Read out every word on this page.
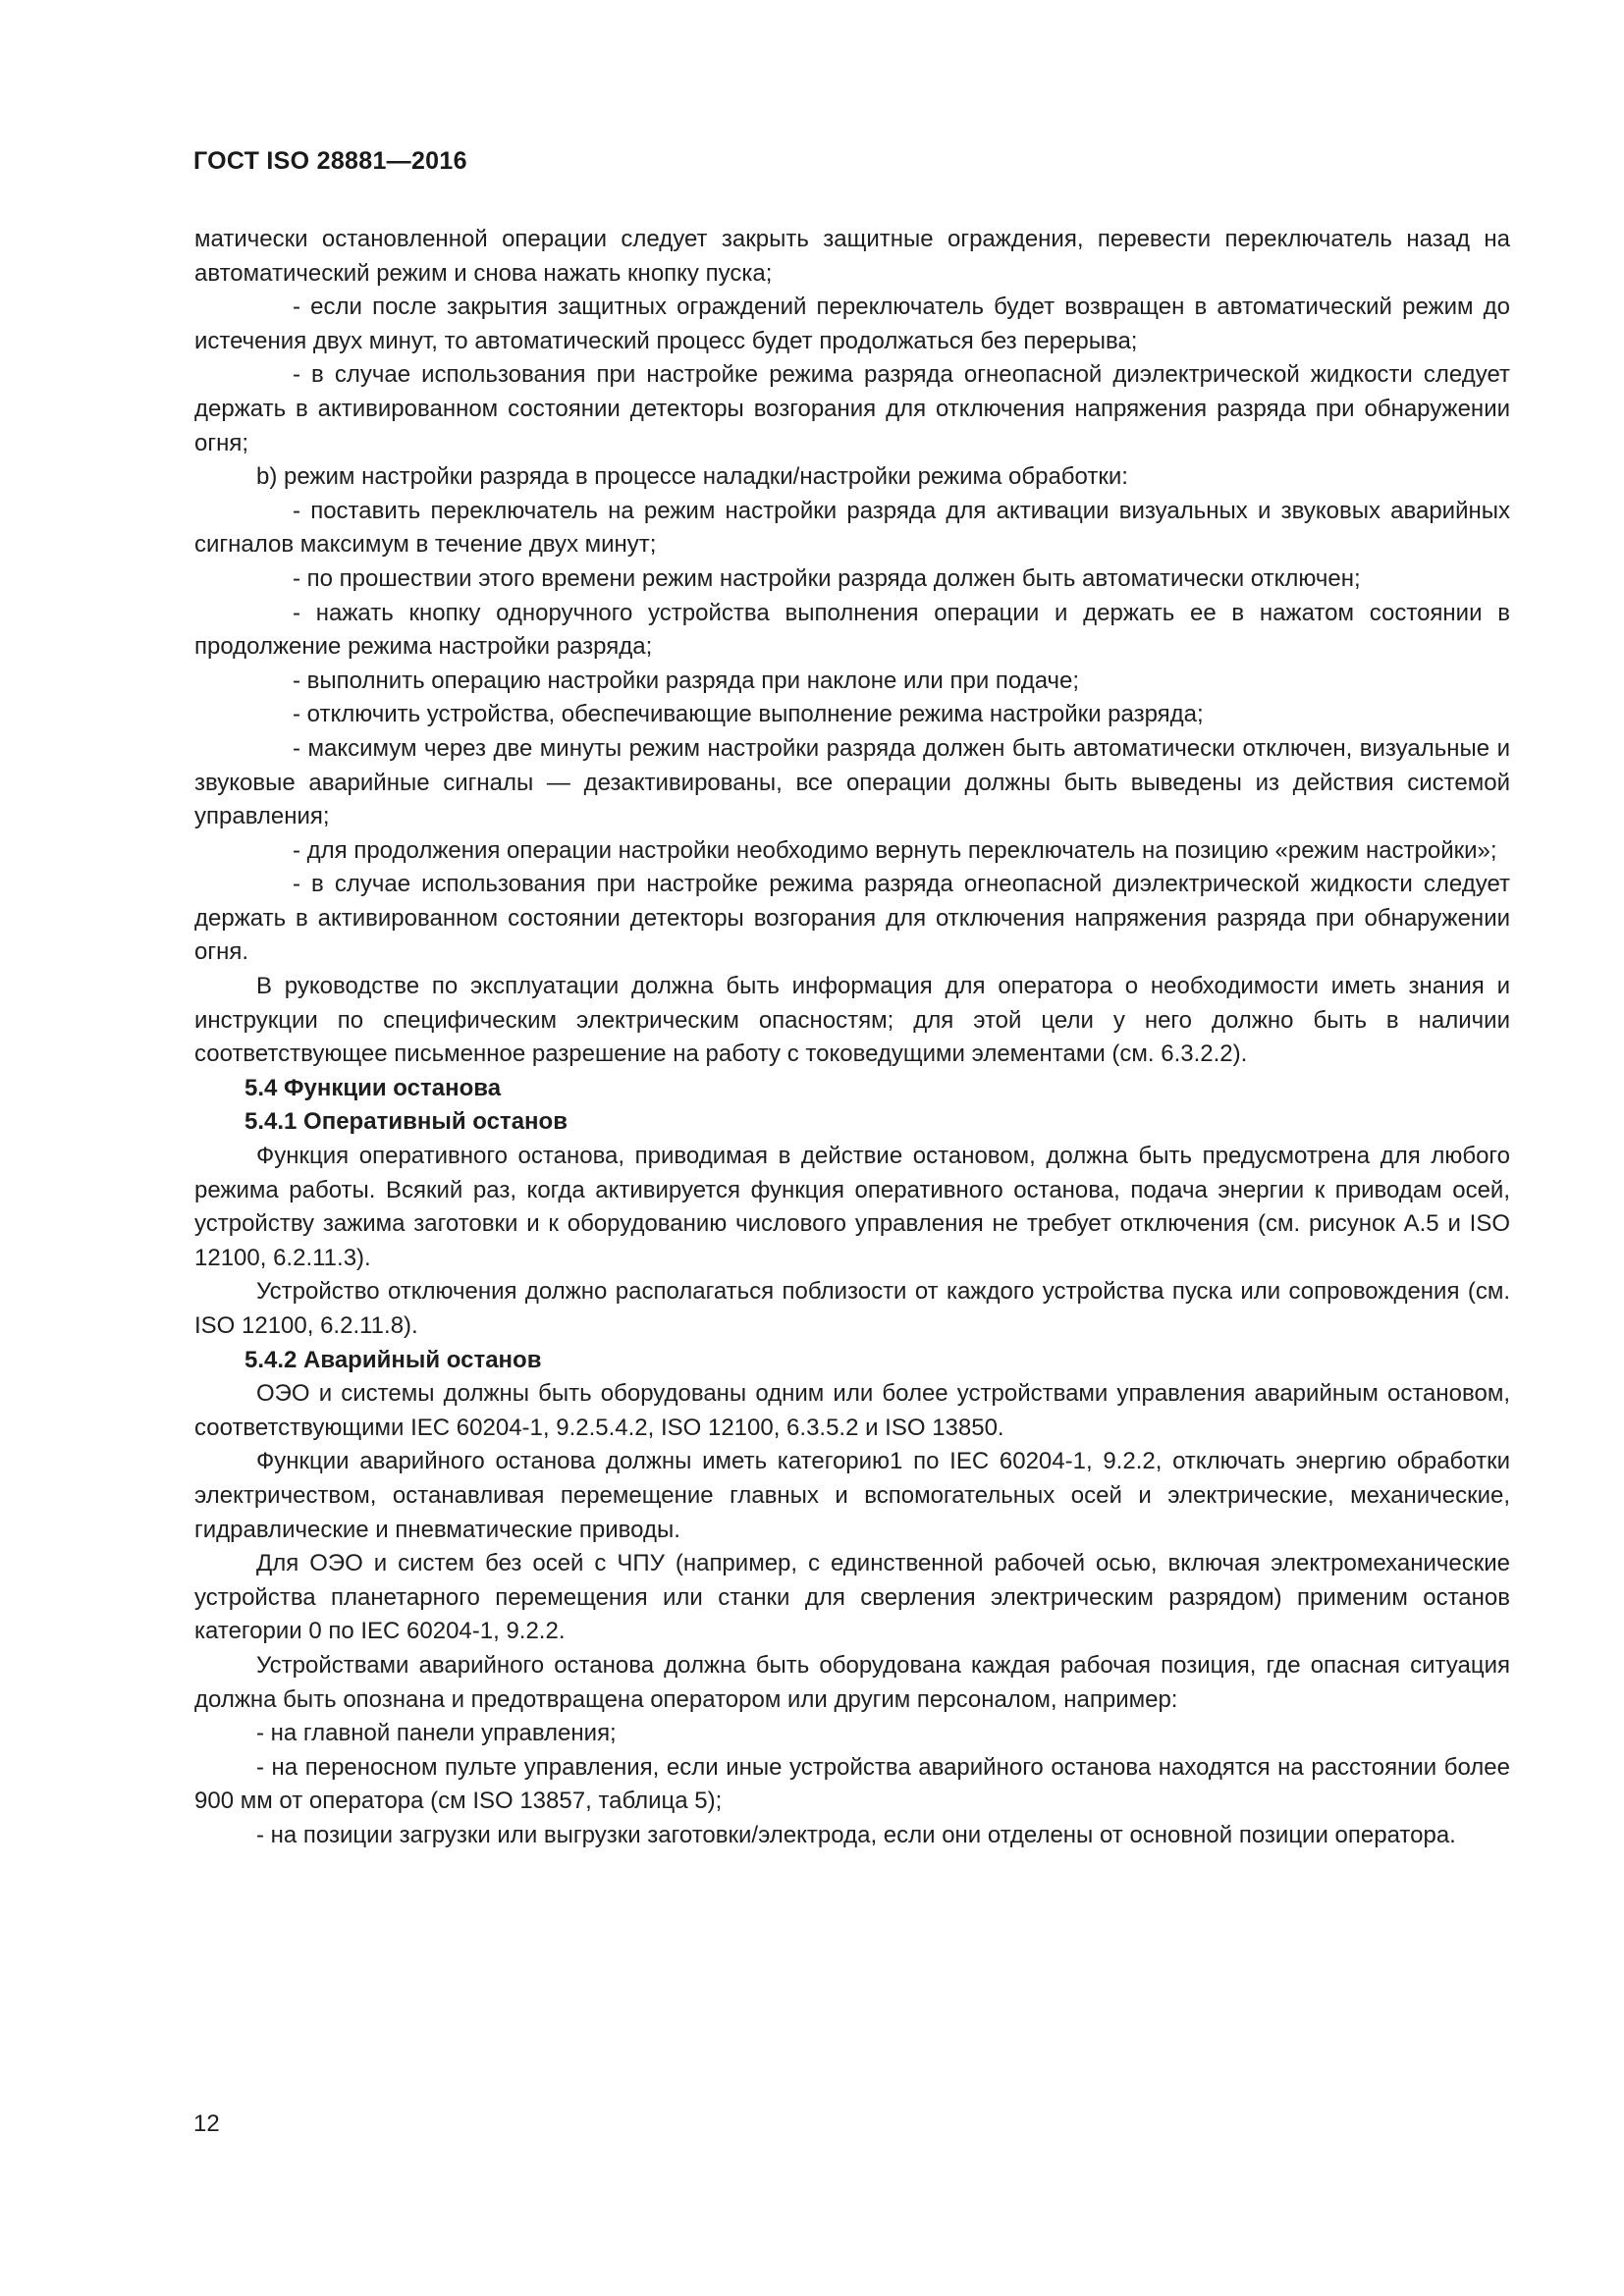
ГОСТ ISO 28881—2016

матически остановленной операции следует закрыть защитные ограждения, перевести переключатель назад на автоматический режим и снова нажать кнопку пуска;

- если после закрытия защитных ограждений переключатель будет возвращен в автоматический режим до истечения двух минут, то автоматический процесс будет продолжаться без перерыва;

- в случае использования при настройке режима разряда огнеопасной диэлектрической жидкости следует держать в активированном состоянии детекторы возгорания для отключения напряжения разряда при обнаружении огня;

b) режим настройки разряда в процессе наладки/настройки режима обработки:

- поставить переключатель на режим настройки разряда для активации визуальных и звуковых аварийных сигналов максимум в течение двух минут;

- по прошествии этого времени режим настройки разряда должен быть автоматически отключен;

- нажать кнопку одноручного устройства выполнения операции и держать ее в нажатом состоянии в продолжение режима настройки разряда;

- выполнить операцию настройки разряда при наклоне или при подаче;

- отключить устройства, обеспечивающие выполнение режима настройки разряда;

- максимум через две минуты режим настройки разряда должен быть автоматически отключен, визуальные и звуковые аварийные сигналы — дезактивированы, все операции должны быть выведены из действия системой управления;

- для продолжения операции настройки необходимо вернуть переключатель на позицию «режим настройки»;

- в случае использования при настройке режима разряда огнеопасной диэлектрической жидкости следует держать в активированном состоянии детекторы возгорания для отключения напряжения разряда при обнаружении огня.

В руководстве по эксплуатации должна быть информация для оператора о необходимости иметь знания и инструкции по специфическим электрическим опасностям; для этой цели у него должно быть в наличии соответствующее письменное разрешение на работу с токоведущими элементами (см. 6.3.2.2).

5.4 Функции останова

5.4.1 Оперативный останов

Функция оперативного останова, приводимая в действие остановом, должна быть предусмотрена для любого режима работы. Всякий раз, когда активируется функция оперативного останова, подача энергии к приводам осей, устройству зажима заготовки и к оборудованию числового управления не требует отключения (см. рисунок А.5 и ISO 12100, 6.2.11.3).

Устройство отключения должно располагаться поблизости от каждого устройства пуска или сопровождения (см. ISO 12100, 6.2.11.8).

5.4.2 Аварийный останов

ОЭО и системы должны быть оборудованы одним или более устройствами управления аварийным остановом, соответствующими IEC 60204-1, 9.2.5.4.2, ISO 12100, 6.3.5.2 и ISO 13850.

Функции аварийного останова должны иметь категорию1 по IEC 60204-1, 9.2.2, отключать энергию обработки электричеством, останавливая перемещение главных и вспомогательных осей и электрические, механические, гидравлические и пневматические приводы.

Для ОЭО и систем без осей с ЧПУ (например, с единственной рабочей осью, включая электромеханические устройства планетарного перемещения или станки для сверления электрическим разрядом) применим останов категории 0 по IEC 60204-1, 9.2.2.

Устройствами аварийного останова должна быть оборудована каждая рабочая позиция, где опасная ситуация должна быть опознана и предотвращена оператором или другим персоналом, например:

- на главной панели управления;

- на переносном пульте управления, если иные устройства аварийного останова находятся на расстоянии более 900 мм от оператора (см ISO 13857, таблица 5);

- на позиции загрузки или выгрузки заготовки/электрода, если они отделены от основной позиции оператора.

12
